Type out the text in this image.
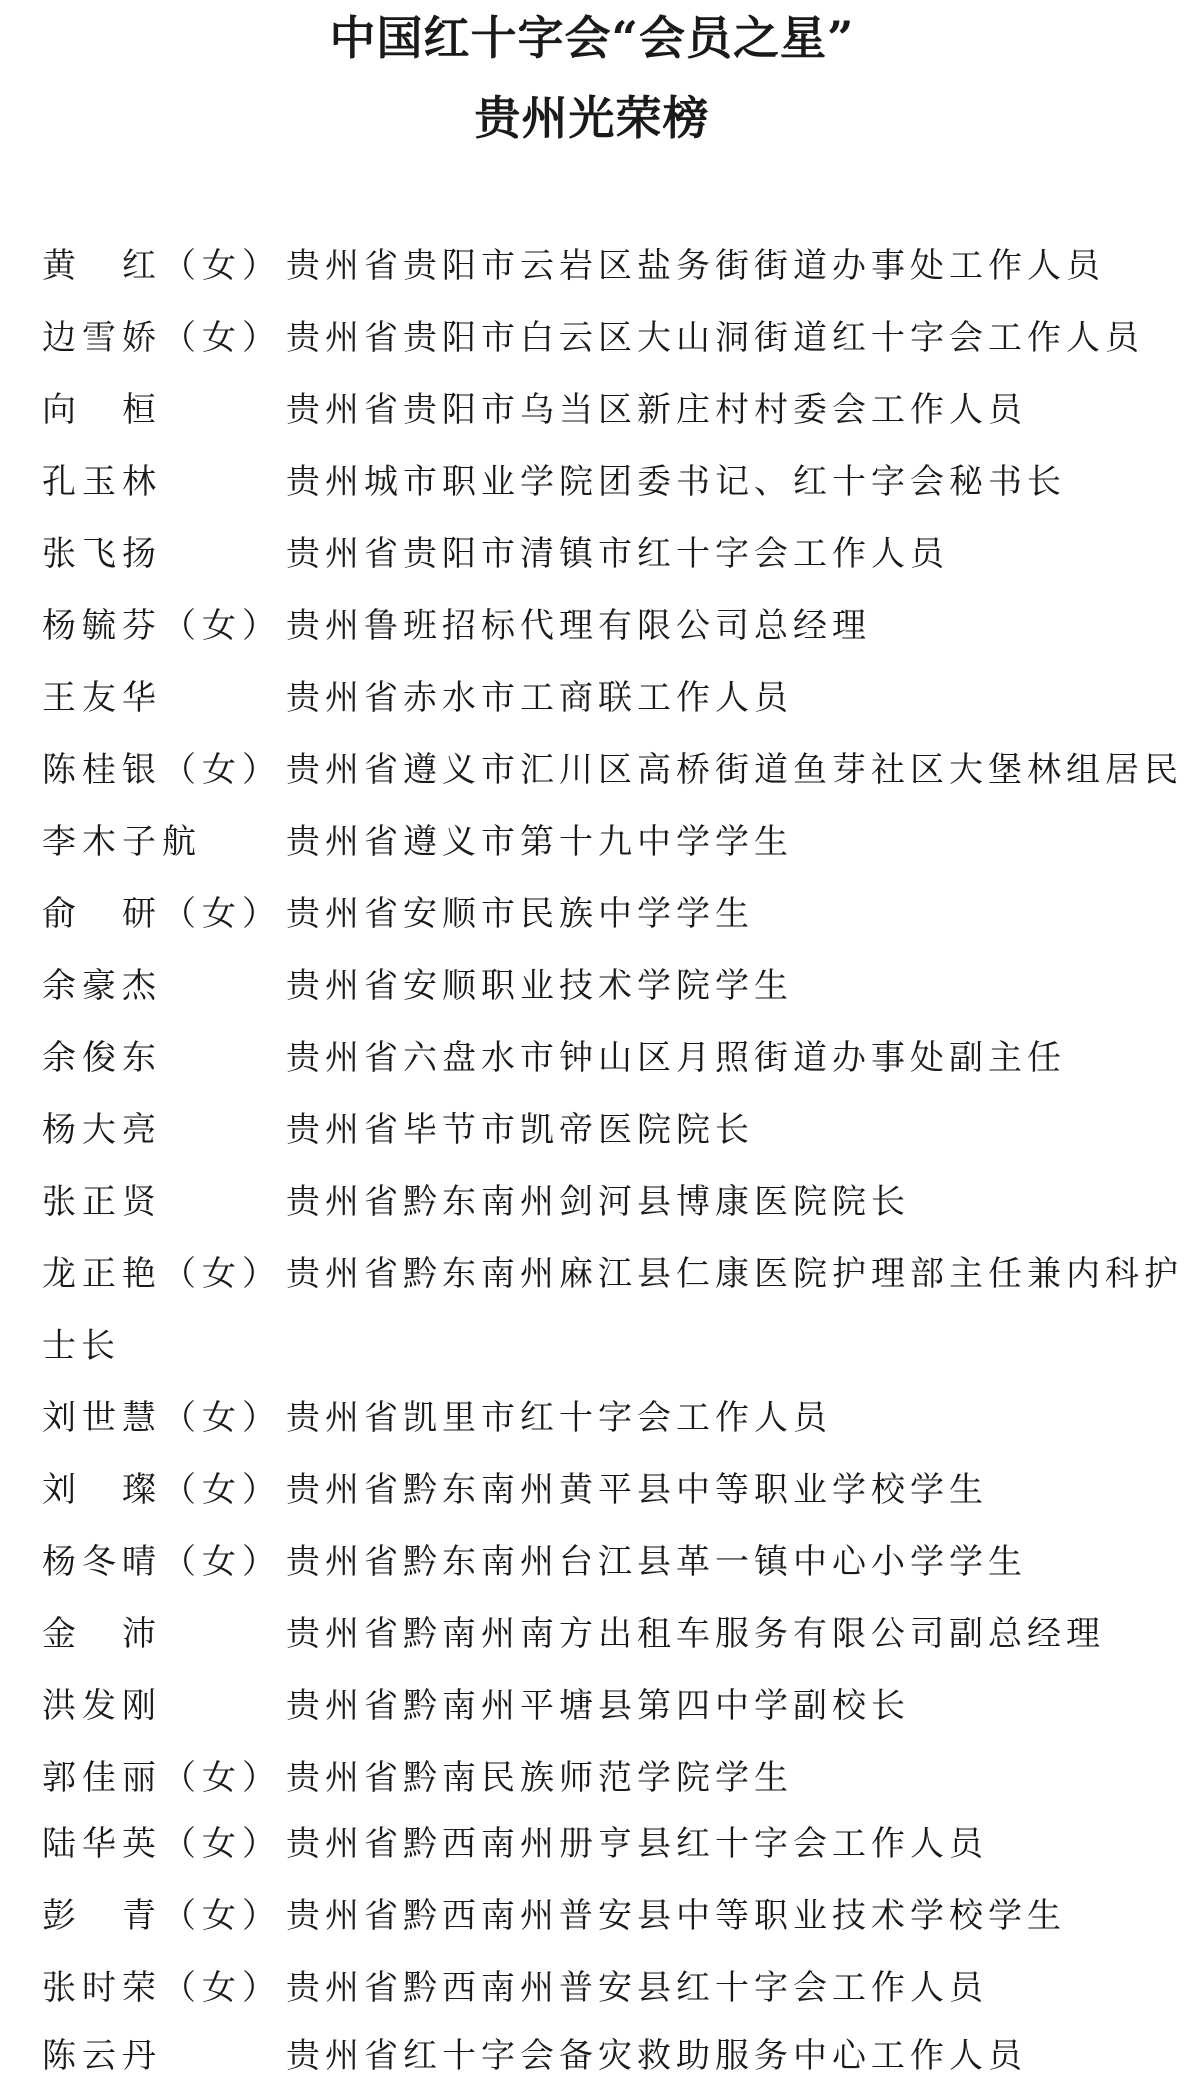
中国红十字会“会员之星”
贵州光荣榜
黄　红（女） 贵州省贵阳市云岩区盐务街街道办事处工作人员
边雪娇（女） 贵州省贵阳市白云区大山洞街道红十字会工作人员
向　桓	贵州省贵阳市乌当区新庄村村委会工作人员
孔玉林	贵州城市职业学院团委书记、红十字会秘书长
张飞扬	贵州省贵阳市清镇市红十字会工作人员
杨毓芬（女） 贵州鲁班招标代理有限公司总经理
王友华	贵州省赤水市工商联工作人员
陈桂银（女） 贵州省遵义市汇川区高桥街道鱼芽社区大堡林组居民
李木子航 贵州省遵义市第十九中学学生
俞　研（女） 贵州省安顺市民族中学学生
余豪杰	贵州省安顺职业技术学院学生
余俊东	贵州省六盘水市钟山区月照街道办事处副主任
杨大亮	贵州省毕节市凯帝医院院长
张正贤	贵州省黔东南州剑河县博康医院院长
龙正艳（女） 贵州省黔东南州麻江县仁康医院护理部主任兼内科护
士长
刘世慧（女） 贵州省凯里市红十字会工作人员
刘　璨（女） 贵州省黔东南州黄平县中等职业学校学生
杨冬晴（女） 贵州省黔东南州台江县革一镇中心小学学生
金　沛	贵州省黔南州南方出租车服务有限公司副总经理
洪发刚	贵州省黔南州平塘县第四中学副校长
郭佳丽（女） 贵州省黔南民族师范学院学生
陆华英（女） 贵州省黔西南州册亨县红十字会工作人员
彭　青（女） 贵州省黔西南州普安县中等职业技术学校学生
张时荣（女） 贵州省黔西南州普安县红十字会工作人员
陈云丹	贵州省红十字会备灾救助服务中心工作人员
